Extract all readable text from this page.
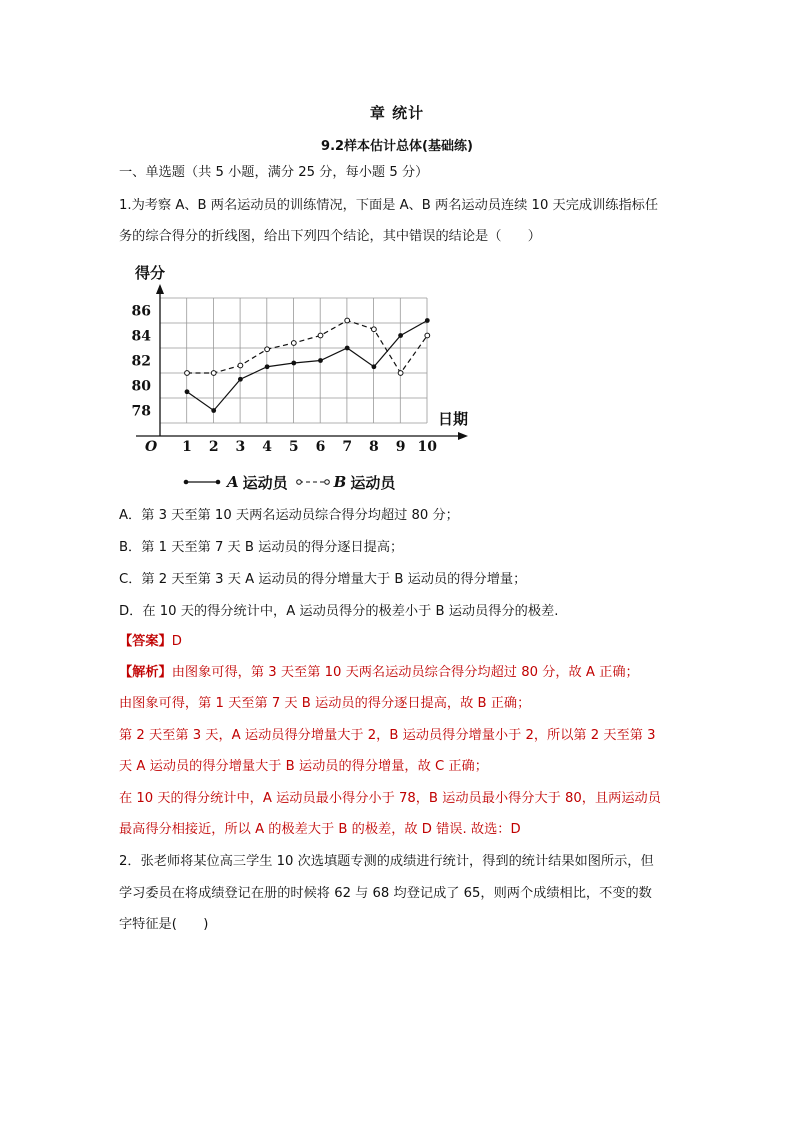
章 统计
9.2样本估计总体(基础练)
一、单选题（共 5 小题，满分 25 分，每小题 5 分）
1.为考察 A、B 两名运动员的训练情况，下面是 A、B 两名运动员连续 10 天完成训练指标任
务的综合得分的折线图，给出下列四个结论，其中错误的结论是（　　）
得分
日期
O
78
80
82
84
86
1 2 3 4 5 6 7 8 9 10
A 运动员	B 运动员
A．第 3 天至第 10 天两名运动员综合得分均超过 80 分；
B．第 1 天至第 7 天 B 运动员的得分逐日提高；
C．第 2 天至第 3 天 A 运动员的得分增量大于 B 运动员的得分增量；
D．在 10 天的得分统计中，A 运动员得分的极差小于 B 运动员得分的极差.
【答案】D
【解析】由图象可得，第 3 天至第 10 天两名运动员综合得分均超过 80 分，故 A 正确；
由图象可得，第 1 天至第 7 天 B 运动员的得分逐日提高，故 B 正确；
第 2 天至第 3 天，A 运动员得分增量大于 2，B 运动员得分增量小于 2，所以第 2 天至第 3
天 A 运动员的得分增量大于 B 运动员的得分增量，故 C 正确；
在 10 天的得分统计中，A 运动员最小得分小于 78，B 运动员最小得分大于 80，且两运动员
最高得分相接近，所以 A 的极差大于 B 的极差，故 D 错误. 故选：D
2．张老师将某位高三学生 10 次选填题专测的成绩进行统计，得到的统计结果如图所示，但
学习委员在将成绩登记在册的时候将 62 与 68 均登记成了 65，则两个成绩相比，不变的数
字特征是(　　)
